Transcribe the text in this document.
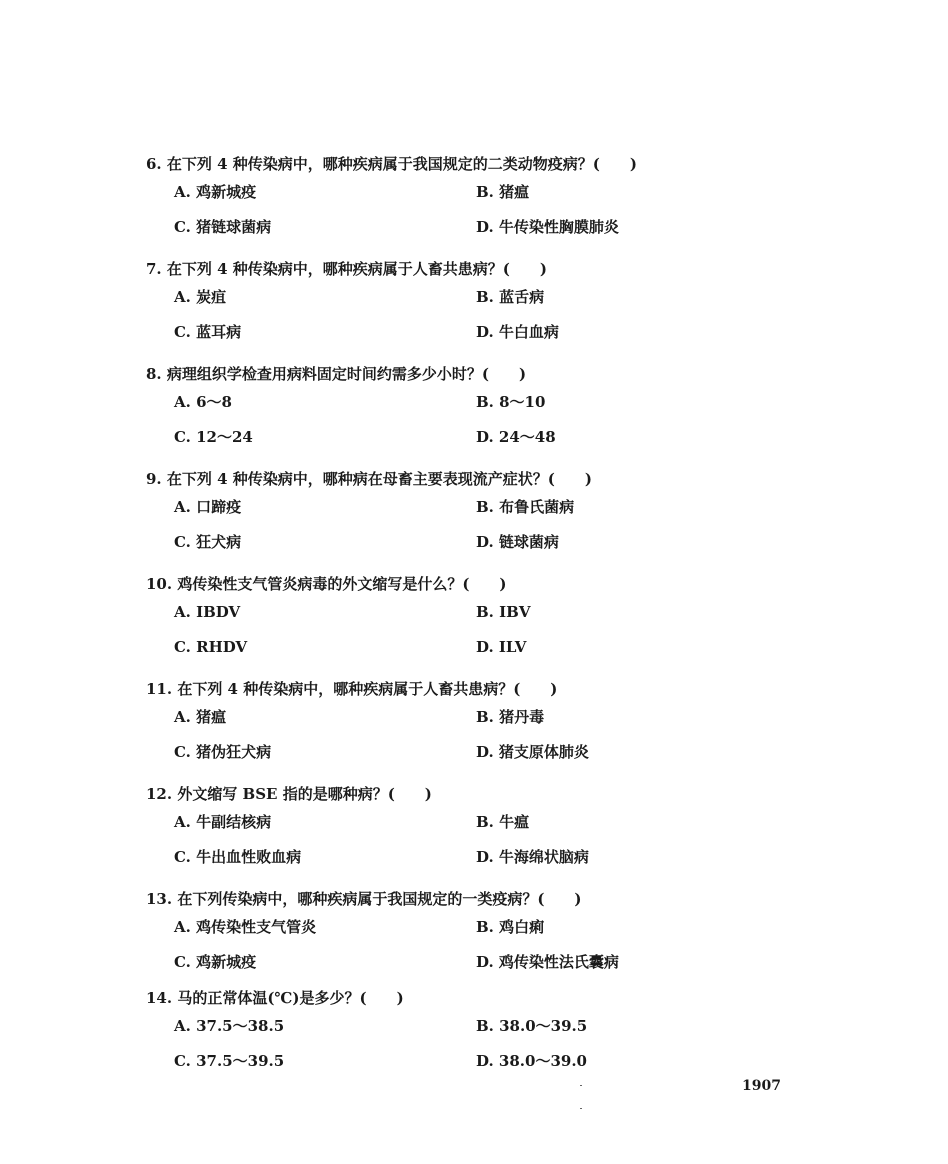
6. 在下列 4 种传染病中，哪种疾病属于我国规定的二类动物疫病？(　　)
A. 鸡新城疫	B. 猪瘟
C. 猪链球菌病	D. 牛传染性胸膜肺炎
7. 在下列 4 种传染病中，哪种疾病属于人畜共患病？(　　)
A. 炭疽	B. 蓝舌病
C. 蓝耳病	D. 牛白血病
8. 病理组织学检查用病料固定时间约需多少小时？(　　)
A. 6～8	B. 8～10
C. 12～24	D. 24～48
9. 在下列 4 种传染病中，哪种病在母畜主要表现流产症状？(　　)
A. 口蹄疫	B. 布鲁氏菌病
C. 狂犬病	D. 链球菌病
10. 鸡传染性支气管炎病毒的外文缩写是什么？(　　)
A. IBDV	B. IBV
C. RHDV	D. ILV
11. 在下列 4 种传染病中，哪种疾病属于人畜共患病？(　　)
A. 猪瘟	B. 猪丹毒
C. 猪伪狂犬病	D. 猪支原体肺炎
12. 外文缩写 BSE 指的是哪种病？(　　)
A. 牛副结核病	B. 牛瘟
C. 牛出血性败血病	D. 牛海绵状脑病
13. 在下列传染病中，哪种疾病属于我国规定的一类疫病？(　　)
A. 鸡传染性支气管炎	B. 鸡白痢
C. 鸡新城疫	D. 鸡传染性法氏囊病
14. 马的正常体温(℃)是多少？(　　)
A. 37.5～38.5	B. 38.0～39.5
C. 37.5～39.5	D. 38.0～39.0
1907
